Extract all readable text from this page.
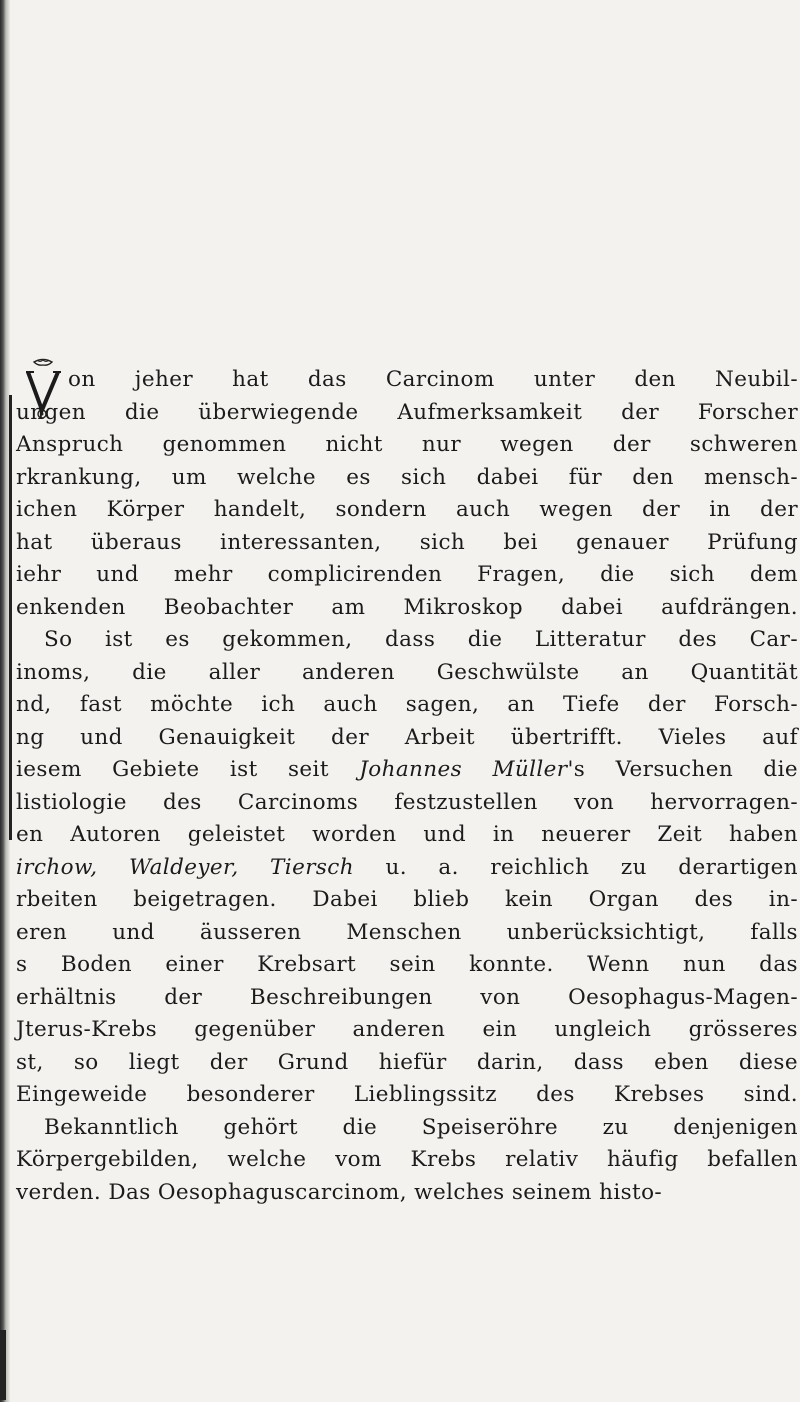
on jeher hat das Carcinom unter den Neubil-
ungen die überwiegende Aufmerksamkeit der Forscher
Anspruch genommen nicht nur wegen der schweren
rkrankung, um welche es sich dabei für den mensch-
ichen Körper handelt, sondern auch wegen der in der
hat überaus interessanten, sich bei genauer Prüfung
iehr und mehr complicirenden Fragen, die sich dem
enkenden Beobachter am Mikroskop dabei aufdrängen.
So ist es gekommen, dass die Litteratur des Car-
inoms, die aller anderen Geschwülste an Quantität
nd, fast möchte ich auch sagen, an Tiefe der Forsch-
ng und Genauigkeit der Arbeit übertrifft. Vieles auf
iesem Gebiete ist seit Johannes Müller's Versuchen die
listiologie des Carcinoms festzustellen von hervorragen-
en Autoren geleistet worden und in neuerer Zeit haben
irchow, Waldeyer, Tiersch u. a. reichlich zu derartigen
rbeiten beigetragen. Dabei blieb kein Organ des in-
eren und äusseren Menschen unberücksichtigt, falls
s Boden einer Krebsart sein konnte. Wenn nun das
erhältnis der Beschreibungen von Oesophagus-Magen-
Jterus-Krebs gegenüber anderen ein ungleich grösseres
st, so liegt der Grund hiefür darin, dass eben diese
Eingeweide besonderer Lieblingssitz des Krebses sind.
Bekanntlich gehört die Speiseröhre zu denjenigen
Körpergebilden, welche vom Krebs relativ häufig befallen
verden. Das Oesophaguscarcinom, welches seinem histo-
